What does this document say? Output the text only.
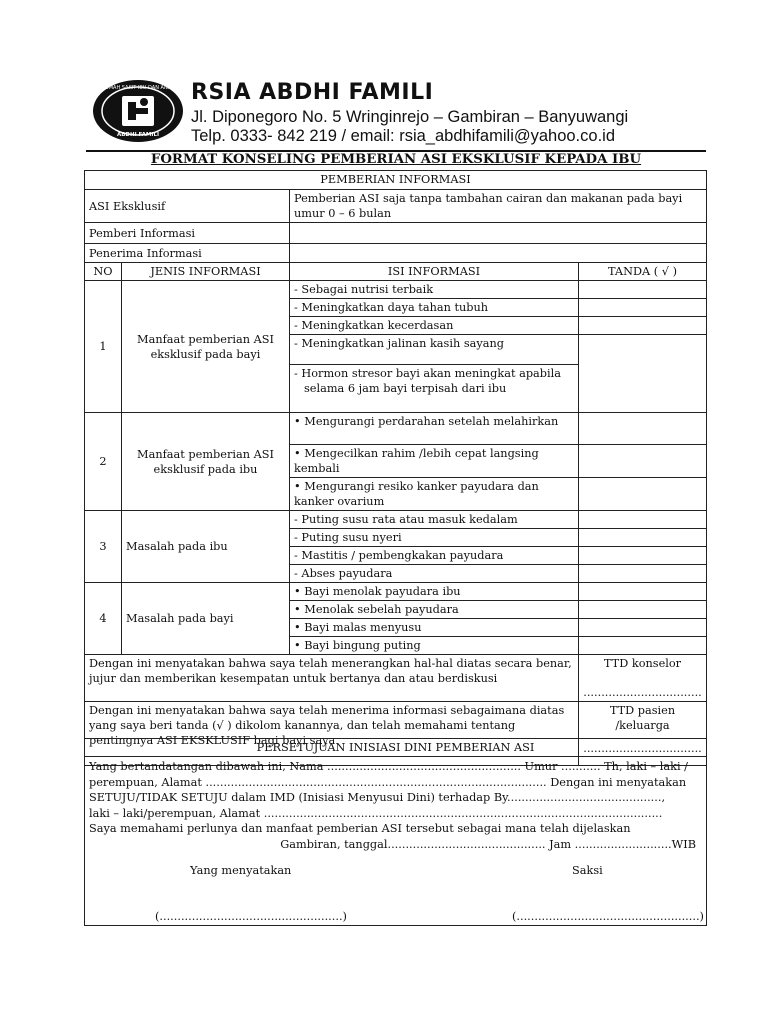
RUMAH SAKIT IBU DAN ANAK
ABDHI FAMILI
RSIA ABDHI FAMILI
Jl. Diponegoro No. 5 Wringinrejo – Gambiran – Banyuwangi
Telp. 0333- 842 219 / email: rsia_abdhifamili@yahoo.co.id
FORMAT KONSELING PEMBERIAN ASI EKSKLUSIF KEPADA IBU
PEMBERIAN INFORMASI			
ASI Eksklusif		Pemberian ASI saja tanpa tambahan cairan dan makanan pada bayi umur 0 – 6 bulan	
Pemberi Informasi			
Penerima Informasi			
NO	JENIS INFORMASI	ISI INFORMASI	TANDA ( √ )
1	Manfaat pemberian ASI eksklusif pada bayi	- Sebagai nutrisi terbaik	
		- Meningkatkan daya tahan tubuh	
		- Meningkatkan kecerdasan	
		- Meningkatkan jalinan kasih sayang	
		- Hormon stresor bayi akan meningkat apabila selama 6 jam bayi terpisah dari ibu	
2	Manfaat pemberian ASI eksklusif pada ibu	• Mengurangi perdarahan setelah melahirkan	
		• Mengecilkan rahim /lebih cepat langsing kembali	
		• Mengurangi resiko kanker payudara dan kanker ovarium	
3	Masalah pada ibu	- Puting susu rata atau masuk kedalam	
		- Puting susu nyeri	
		- Mastitis / pembengkakan payudara	
		- Abses payudara	
4	Masalah pada bayi	• Bayi menolak payudara ibu	
		• Menolak sebelah payudara	
		• Bayi malas menyusu	
		• Bayi bingung puting	
Dengan ini menyatakan bahwa saya telah menerangkan hal-hal diatas secara benar, jujur dan memberikan kesempatan untuk bertanya dan atau berdiskusi			TTD konselor
.................................

Dengan ini menyatakan bahwa saya telah menerima informasi sebagaimana diatas yang saya beri tanda (√ ) dikolom kanannya, dan telah memahami tentang pentingnya ASI EKSKLUSIF bagi bayi saya			TTD pasien /keluarga
.................................
PERSETUJUAN INISIASI DINI PEMBERIAN ASI

Yang bertandatangan dibawah ini, Nama ...................................................... Umur ........... Th, laki – laki /
perempuan, Alamat ............................................................................................... Dengan ini menyatakan
SETUJU/TIDAK SETUJU dalam IMD (Inisiasi Menyusui Dini) terhadap By...........................................,
laki – laki/perempuan, Alamat ...............................................................................................................
Saya memahami perlunya dan manfaat pemberian ASI tersebut sebagai mana telah dijelaskan
Gambiran, tanggal............................................ Jam ...........................WIB
Yang menyatakan	Saksi
(...................................................)	(...................................................)
